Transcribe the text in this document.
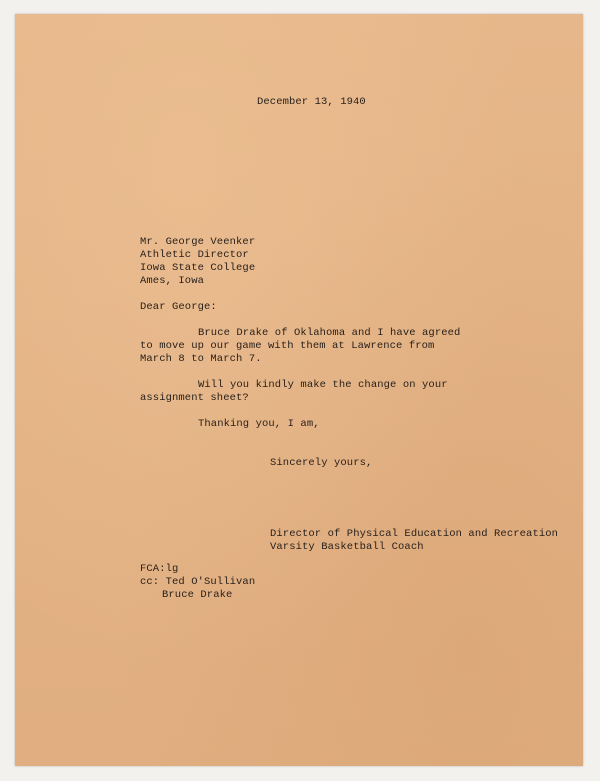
December 13, 1940
Mr. George Veenker
Athletic Director
Iowa State College
Ames, Iowa
Dear George:
Bruce Drake of Oklahoma and I have agreed
to move up our game with them at Lawrence from
March 8 to March 7.
Will you kindly make the change on your
assignment sheet?
Thanking you, I am,
Sincerely yours,
Director of Physical Education and Recreation
Varsity Basketball Coach
FCA:lg
cc: Ted O'Sullivan
Bruce Drake
